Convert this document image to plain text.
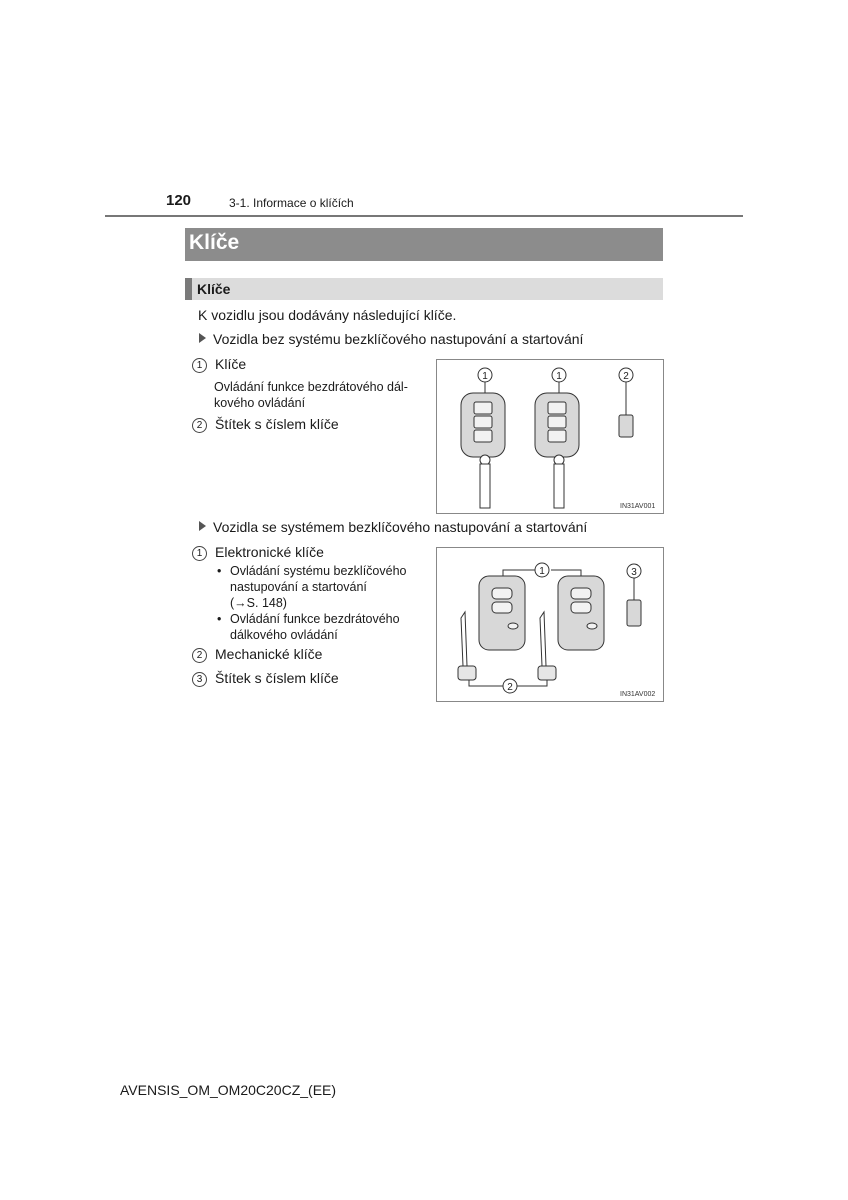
120	3-1. Informace o klíčích
Klíče
Klíče
K vozidlu jsou dodávány následující klíče.
Vozidla bez systému bezklíčového nastupování a startování
1 Klíče
Ovládání funkce bezdrátového dál-
kového ovládání
2 Štítek s číslem klíče
1	1	2
IN31AV001
Vozidla se systémem bezklíčového nastupování a startování
1 Elektronické klíče
• Ovládání systému bezklíčového
nastupování a startování
(→S. 148)
• Ovládání funkce bezdrátového
dálkového ovládání
2 Mechanické klíče
3 Štítek s číslem klíče
1
2
3
IN31AV002
AVENSIS_OM_OM20C20CZ_(EE)
